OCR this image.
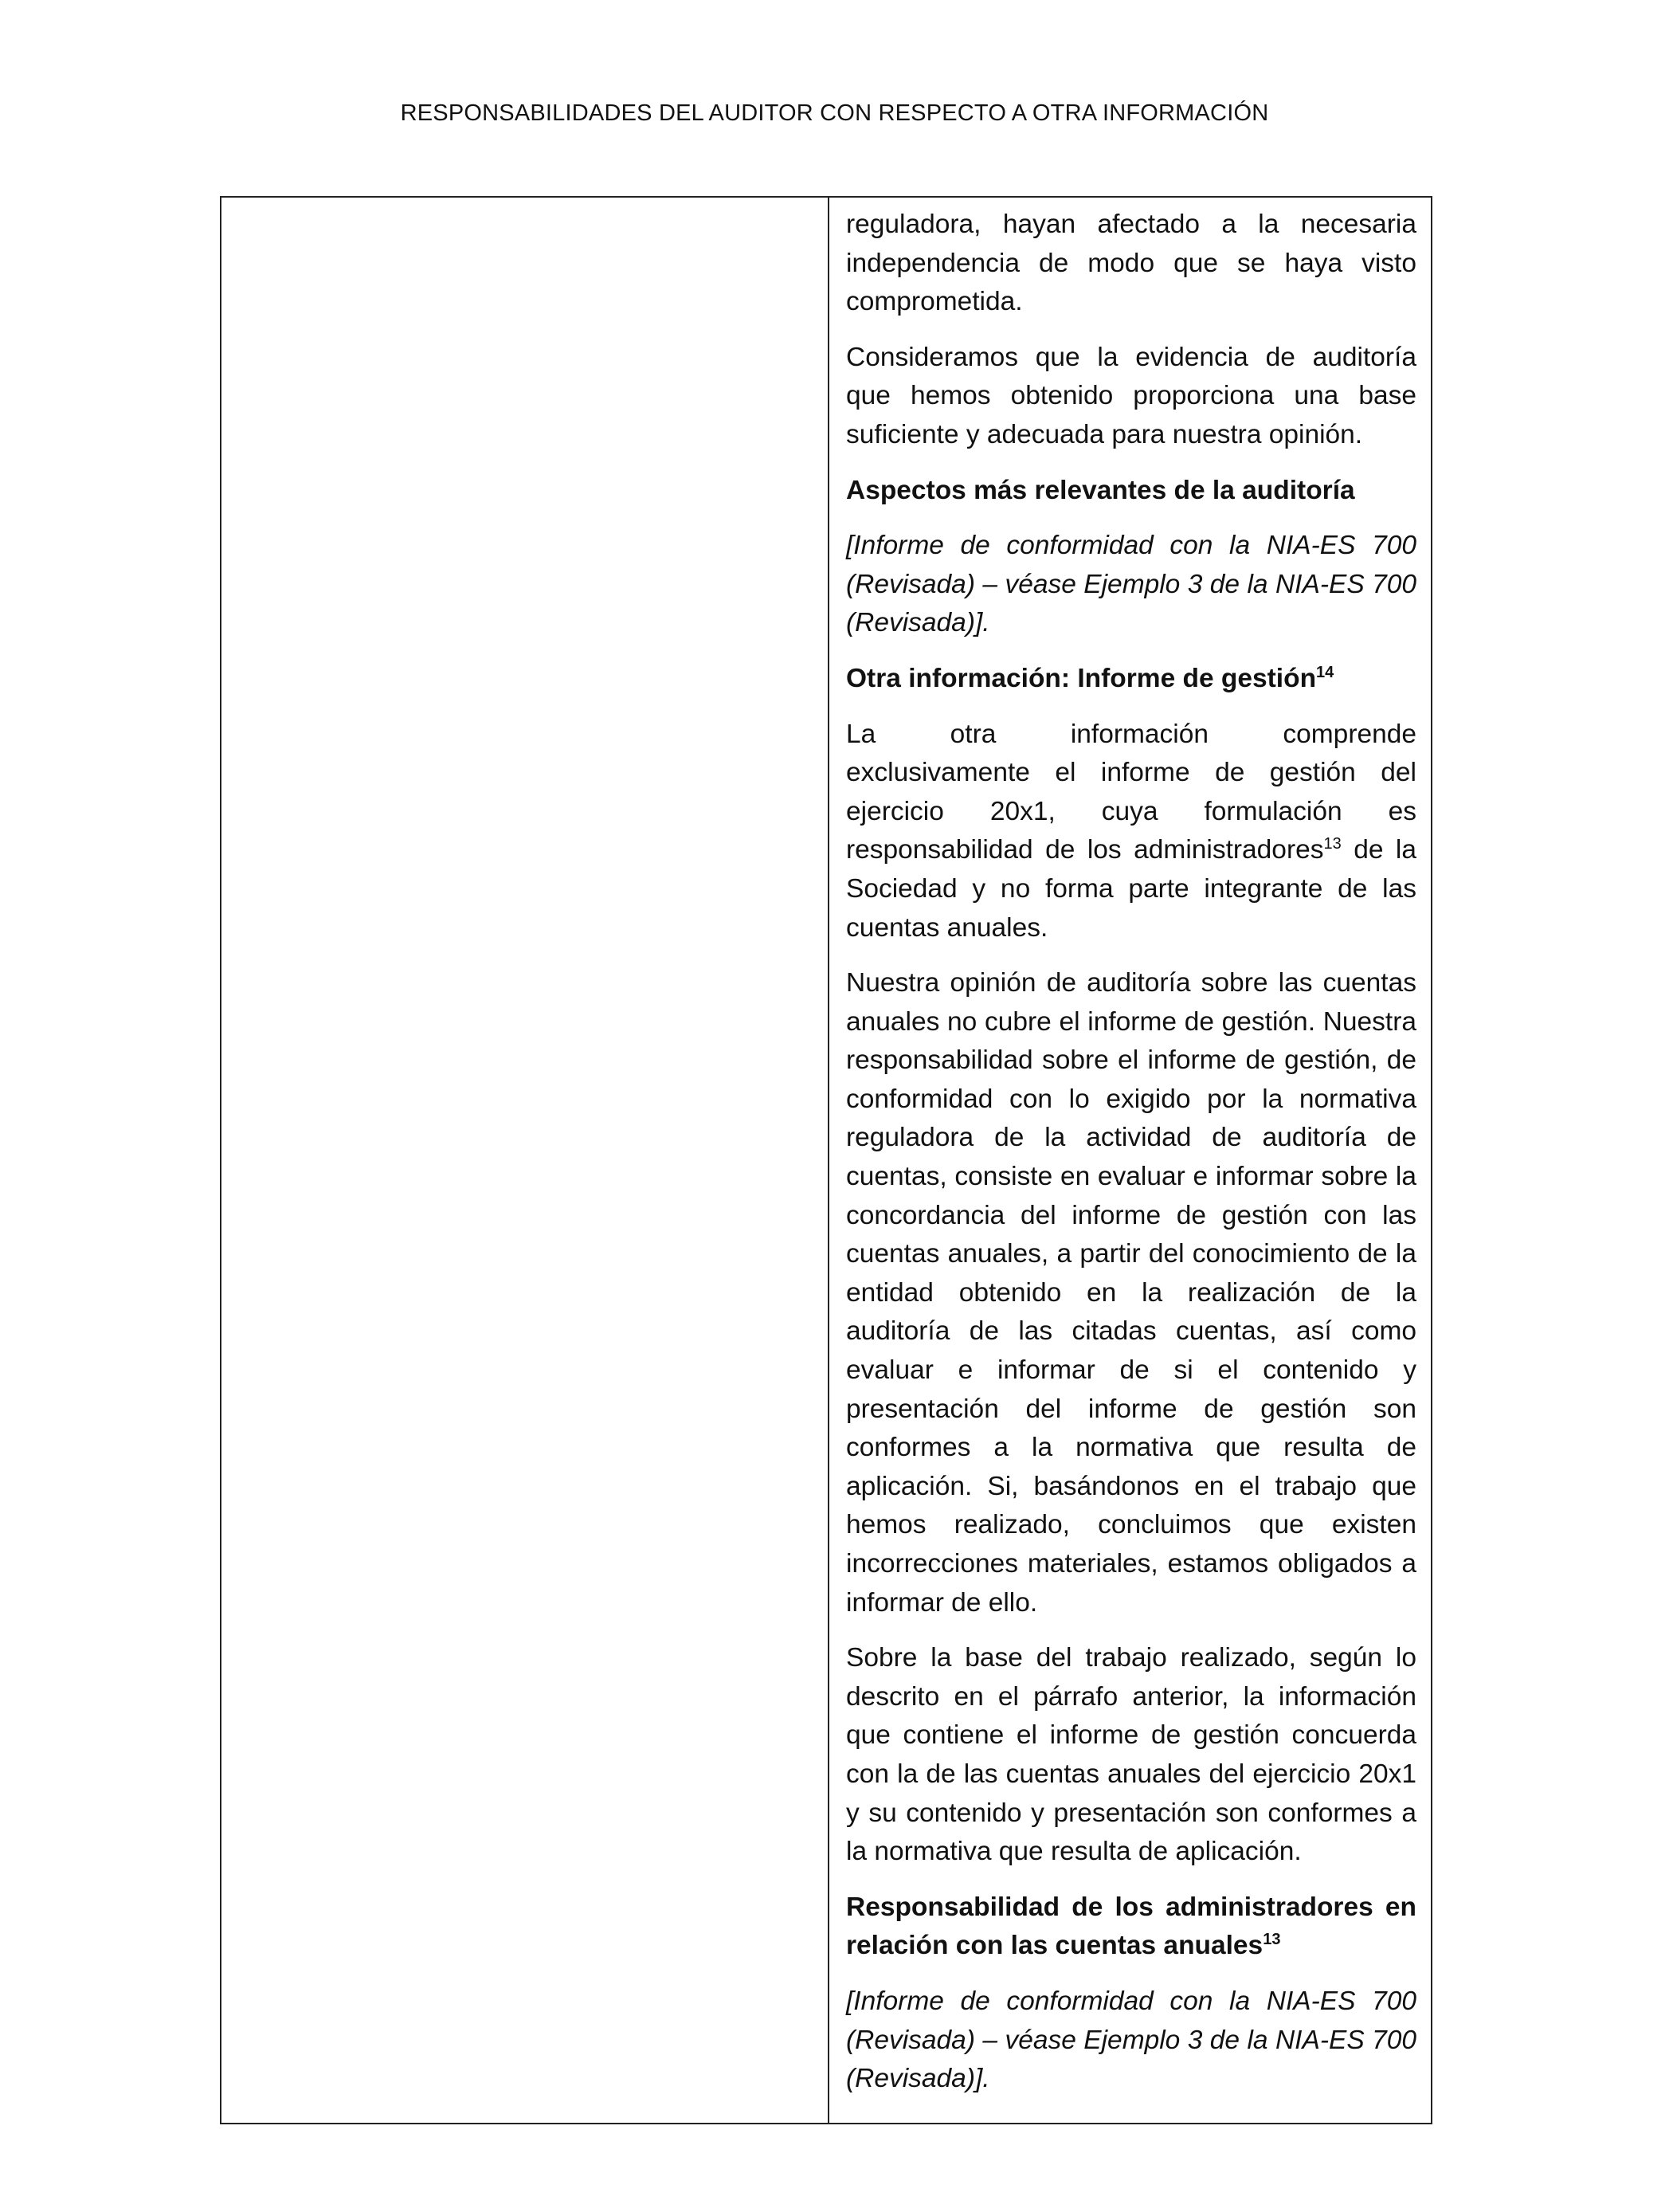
RESPONSABILIDADES DEL AUDITOR CON RESPECTO A OTRA INFORMACIÓN

reguladora, hayan afectado a la necesaria independencia de modo que se haya visto comprometida.

Consideramos que la evidencia de auditoría que hemos obtenido proporciona una base suficiente y adecuada para nuestra opinión.

Aspectos más relevantes de la auditoría

[Informe de conformidad con la NIA-ES 700 (Revisada) – véase Ejemplo 3 de la NIA-ES 700 (Revisada)].

Otra información: Informe de gestión$^{14}$

La otra información comprende
exclusivamente el informe de gestión del ejercicio 20x1, cuya formulación es responsabilidad de los administradores$^{13}$ de la Sociedad y no forma parte integrante de las cuentas anuales.

Nuestra opinión de auditoría sobre las cuentas anuales no cubre el informe de gestión. Nuestra responsabilidad sobre el informe de gestión, de conformidad con lo exigido por la normativa reguladora de la actividad de auditoría de cuentas, consiste en evaluar e informar sobre la concordancia del informe de gestión con las cuentas anuales, a partir del conocimiento de la entidad obtenido en la realización de la auditoría de las citadas cuentas, así como evaluar e informar de si el contenido y presentación del informe de gestión son conformes a la normativa que resulta de aplicación. Si, basándonos en el trabajo que hemos realizado, concluimos que existen incorrecciones materiales, estamos obligados a informar de ello.

Sobre la base del trabajo realizado, según lo descrito en el párrafo anterior, la información que contiene el informe de gestión concuerda con la de las cuentas anuales del ejercicio 20x1 y su contenido y presentación son conformes a la normativa que resulta de aplicación.

Responsabilidad de los administradores en relación con las cuentas anuales$^{13}$

[Informe de conformidad con la NIA-ES 700 (Revisada) – véase Ejemplo 3 de la NIA-ES 700 (Revisada)].
